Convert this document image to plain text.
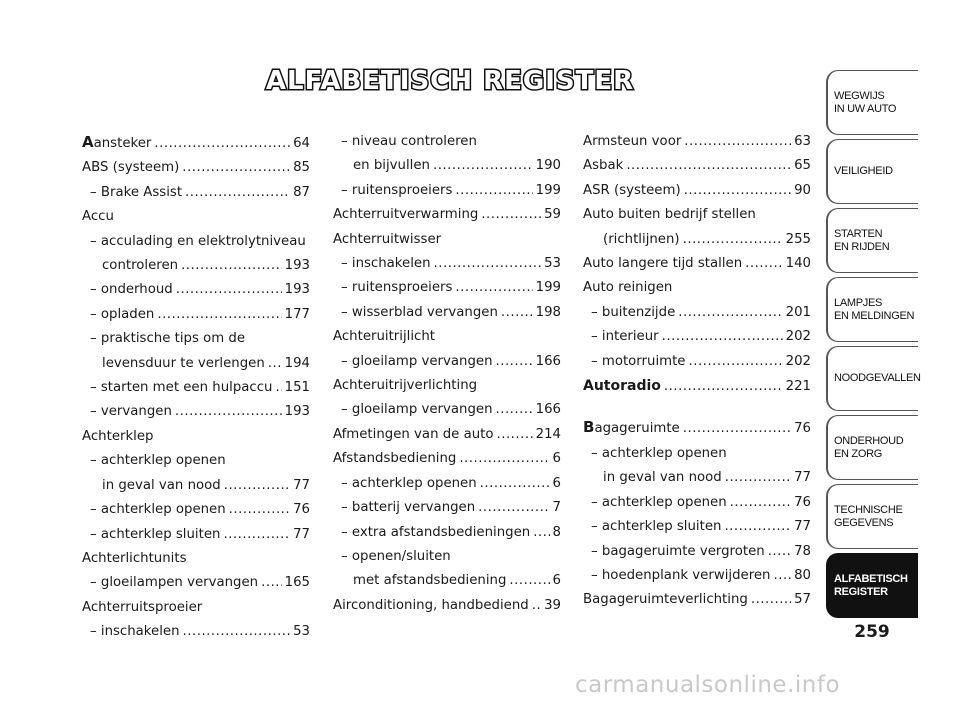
ALFABETISCH REGISTER
Aansteker .....	64
ABS (systeem) .....	85
– Brake Assist .....	87
Accu
– acculading en elektrolytniveau
controleren .....	193
– onderhoud .....	193
– opladen .....	177
– praktische tips om de
levensduur te verlengen ..... 194
– starten met een hulpaccu ..... 151
– vervangen .....	193
Achterklep
– achterklep openen
in geval van nood .....	77
– achterklep openen .....	76
– achterklep sluiten .....	77
Achterlichtunits
– gloeilampen vervangen ..... 165
Achterruitsproeier
– inschakelen .....	53
– niveau controleren
en bijvullen .....	190
– ruitensproeiers .....	199
Achterruitverwarming .....	59
Achterruitwisser
– inschakelen .....	53
– ruitensproeiers .....	199
– wisserblad vervangen .....	198
Achteruitrijlicht
– gloeilamp vervangen .....	166
Achteruitrijverlichting
– gloeilamp vervangen .....	166
Afmetingen van de auto .....	214
Afstandsbediening .....	6
– achterklep openen .....	6
– batterij vervangen .....	7
– extra afstandsbedieningen ..... 8
– openen/sluiten
met afstandsbediening .....	6
Airconditioning, handbediend ..... 39
Armsteun voor .....	63
Asbak .....	65
ASR (systeem) .....	90
Auto buiten bedrijf stellen
(richtlijnen) .....	255
Auto langere tijd stallen .....	140
Auto reinigen
– buitenzijde .....	201
– interieur .....	202
– motorruimte .....	202
Autoradio .....	221
Bagageruimte .....	76
– achterklep openen
in geval van nood .....	77
– achterklep openen .....	76
– achterklep sluiten .....	77
– bagageruimte vergroten ..... 78
– hoedenplank verwijderen ..... 80
Bagageruimteverlichting .....	57
WEGWIJS
IN UW AUTO
VEILIGHEID
STARTEN
EN RIJDEN
LAMPJES
EN MELDINGEN
NOODGEVALLEN
ONDERHOUD
EN ZORG
TECHNISCHE
GEGEVENS
ALFABETISCH
REGISTER
259
carmanualsonline.info
